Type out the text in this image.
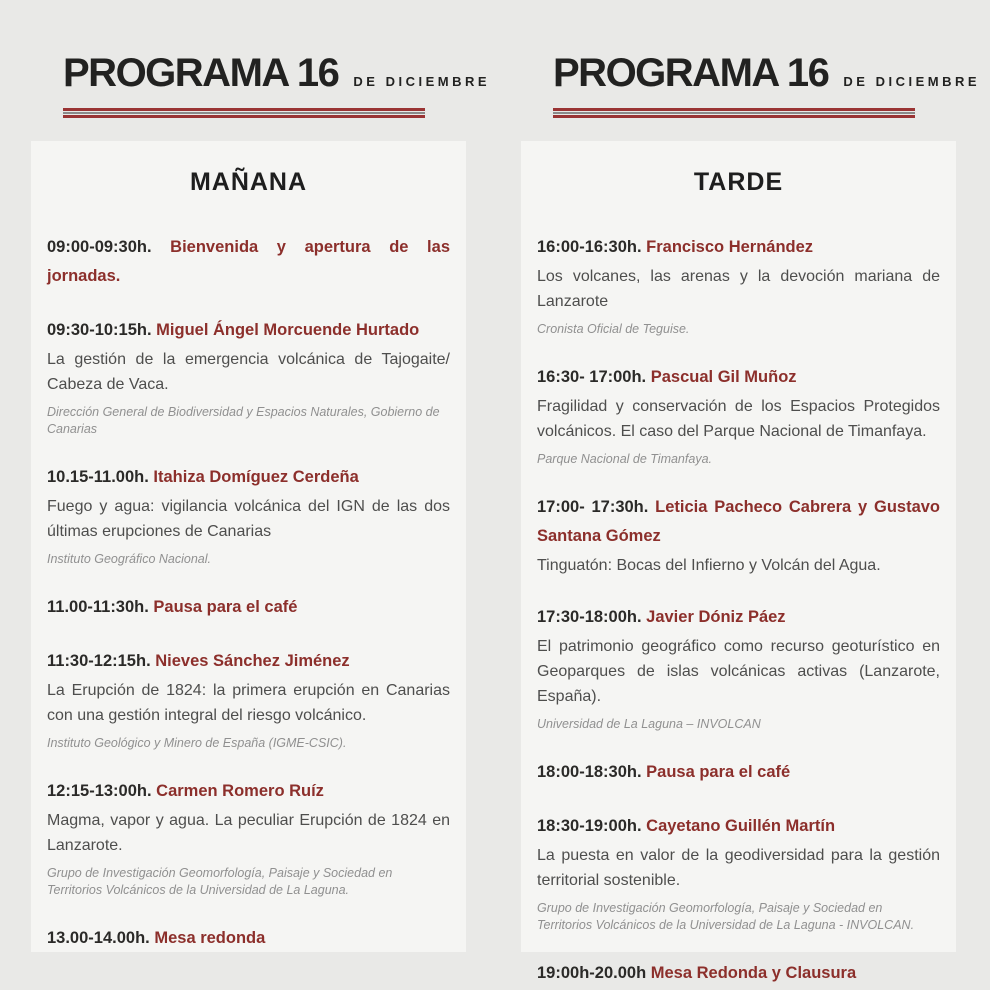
PROGRAMA 16 DE DICIEMBRE
MAÑANA

09:00-09:30h. Bienvenida y apertura de las jornadas.

09:30-10:15h. Miguel Ángel Morcuende Hurtado

La gestión de la emergencia volcánica de Tajogaite/ Cabeza de Vaca.

Dirección General de Biodiversidad y Espacios Naturales, Gobierno de Canarias

10.15-11.00h. Itahiza Domíguez Cerdeña

Fuego y agua: vigilancia volcánica del IGN de las dos últimas erupciones de Canarias

Instituto Geográfico Nacional.

11.00-11:30h. Pausa para el café

11:30-12:15h. Nieves Sánchez Jiménez

La Erupción de 1824: la primera erupción en Canarias con una gestión integral del riesgo volcánico.

Instituto Geológico y Minero de España (IGME-CSIC).

12:15-13:00h. Carmen Romero Ruíz

Magma, vapor y agua. La peculiar Erupción de 1824 en Lanzarote.

Grupo de Investigación Geomorfología, Paisaje y Sociedad en Territorios Volcánicos de la Universidad de La Laguna.

13.00-14.00h. Mesa redonda

PROGRAMA 16 DE DICIEMBRE
TARDE

16:00-16:30h. Francisco Hernández

Los volcanes, las arenas y la devoción mariana de Lanzarote

Cronista Oficial de Teguise.

16:30- 17:00h. Pascual Gil Muñoz

Fragilidad y conservación de los Espacios Protegidos volcánicos. El caso del Parque Nacional de Timanfaya.

Parque Nacional de Timanfaya.

17:00- 17:30h. Leticia Pacheco Cabrera y Gustavo Santana Gómez

Tinguatón: Bocas del Infierno y Volcán del Agua.

17:30-18:00h. Javier Dóniz Páez

El patrimonio geográfico como recurso geoturístico en Geoparques de islas volcánicas activas (Lanzarote, España).

Universidad de La Laguna – INVOLCAN

18:00-18:30h. Pausa para el café

18:30-19:00h. Cayetano Guillén Martín

La puesta en valor de la geodiversidad para la gestión territorial sostenible.

Grupo de Investigación Geomorfología, Paisaje y Sociedad en Territorios Volcánicos de la Universidad de La Laguna - INVOLCAN.

19:00h-20.00h Mesa Redonda y Clausura
